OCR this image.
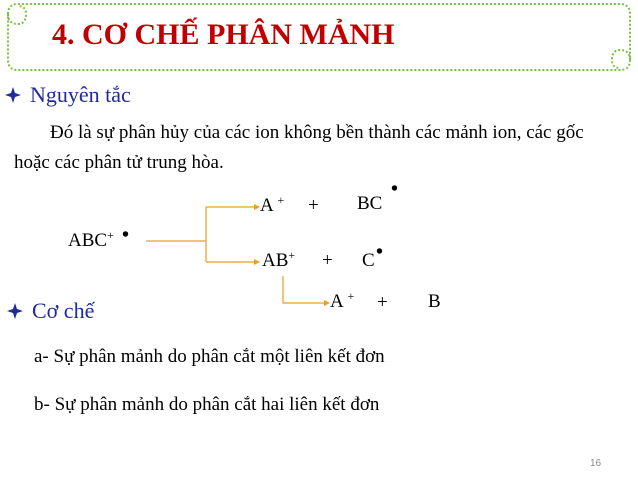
4. CƠ CHẾ PHÂN MẢNH
Nguyên tắc
Đó là sự phân hủy của các ion không bền thành các mảnh ion, các gốc hoặc các phân tử trung hòa.
ABC+ •
A + + BC
•
AB+ + C •
A + + B
Cơ chế
a- Sự phân mảnh do phân cắt một liên kết đơn
b- Sự phân mảnh do phân cắt hai liên kết đơn
16
